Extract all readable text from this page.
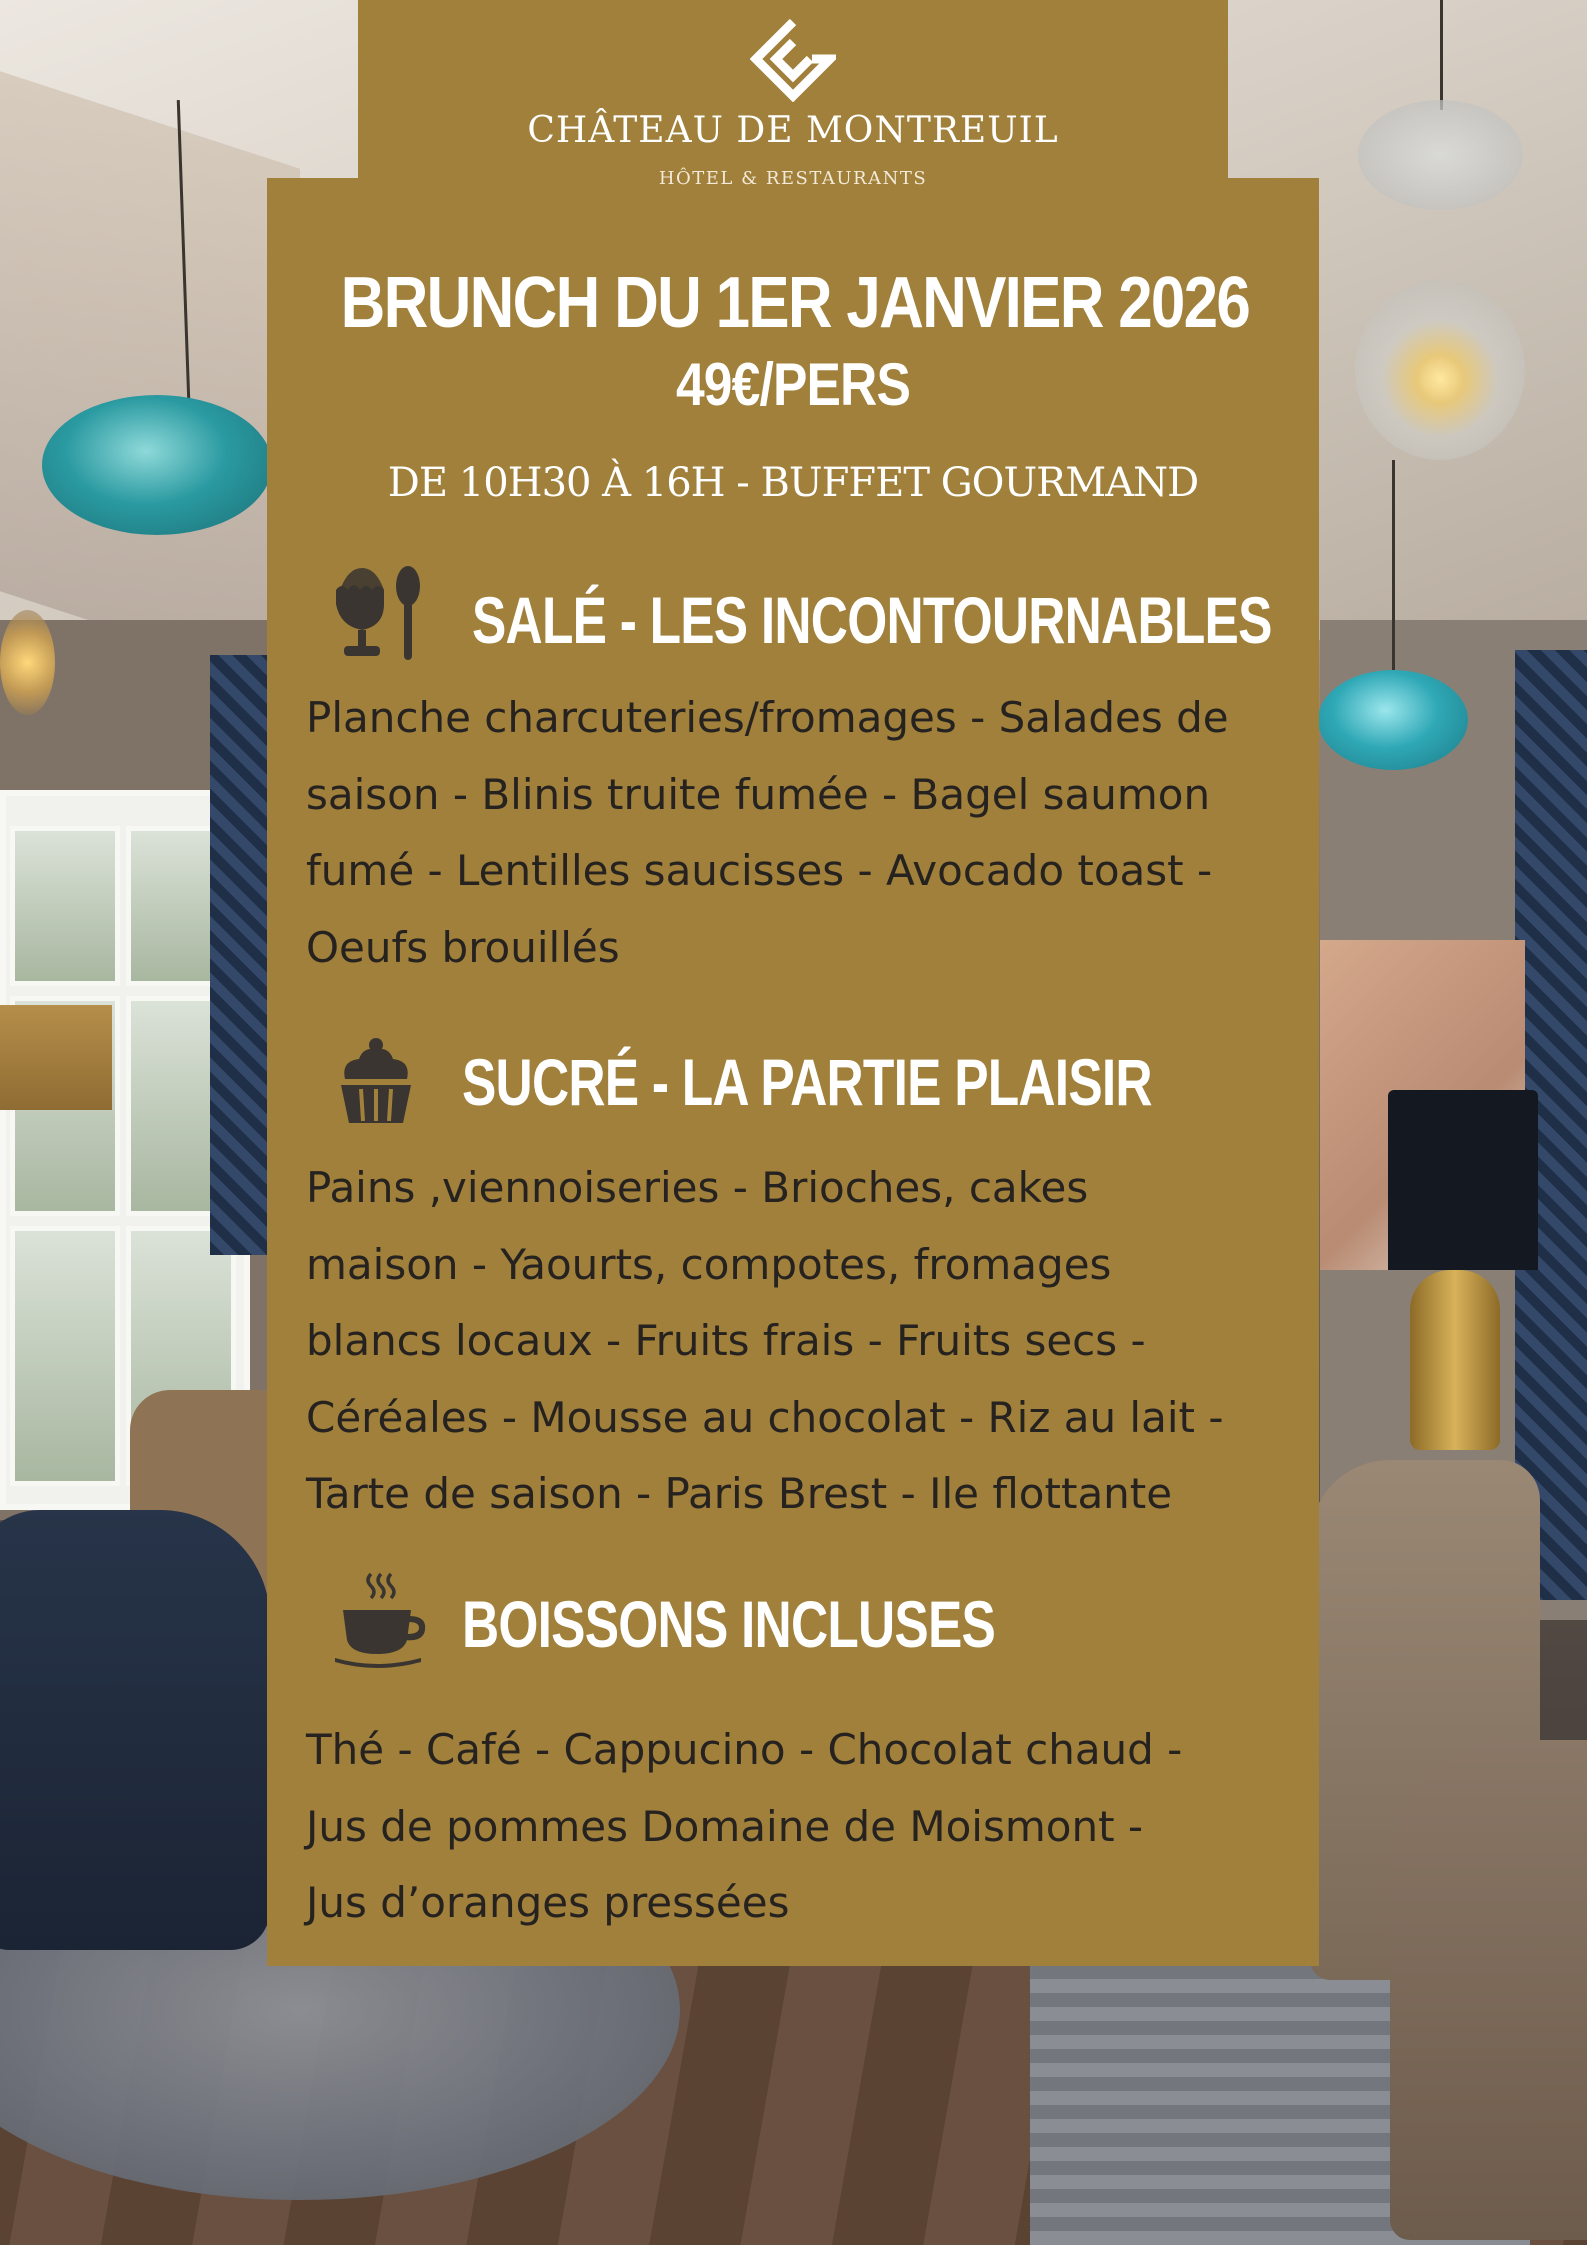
CHÂTEAU DE MONTREUIL

HÔTEL & RESTAURANTS

BRUNCH DU 1ER JANVIER 2026

49€/PERS

DE 10H30 À 16H - BUFFET GOURMAND

SALÉ - LES INCONTOURNABLES

Planche charcuteries/fromages - Salades de
saison - Blinis truite fumée - Bagel saumon
fumé - Lentilles saucisses - Avocado toast -
Oeufs brouillés

SUCRÉ - LA PARTIE PLAISIR

Pains ,viennoiseries - Brioches, cakes
maison - Yaourts, compotes, fromages
blancs locaux - Fruits frais - Fruits secs -
Céréales - Mousse au chocolat - Riz au lait -
Tarte de saison - Paris Brest - Ile flottante

BOISSONS INCLUSES

Thé - Café - Cappucino - Chocolat chaud -
Jus de pommes Domaine de Moismont -
Jus d’oranges pressées
